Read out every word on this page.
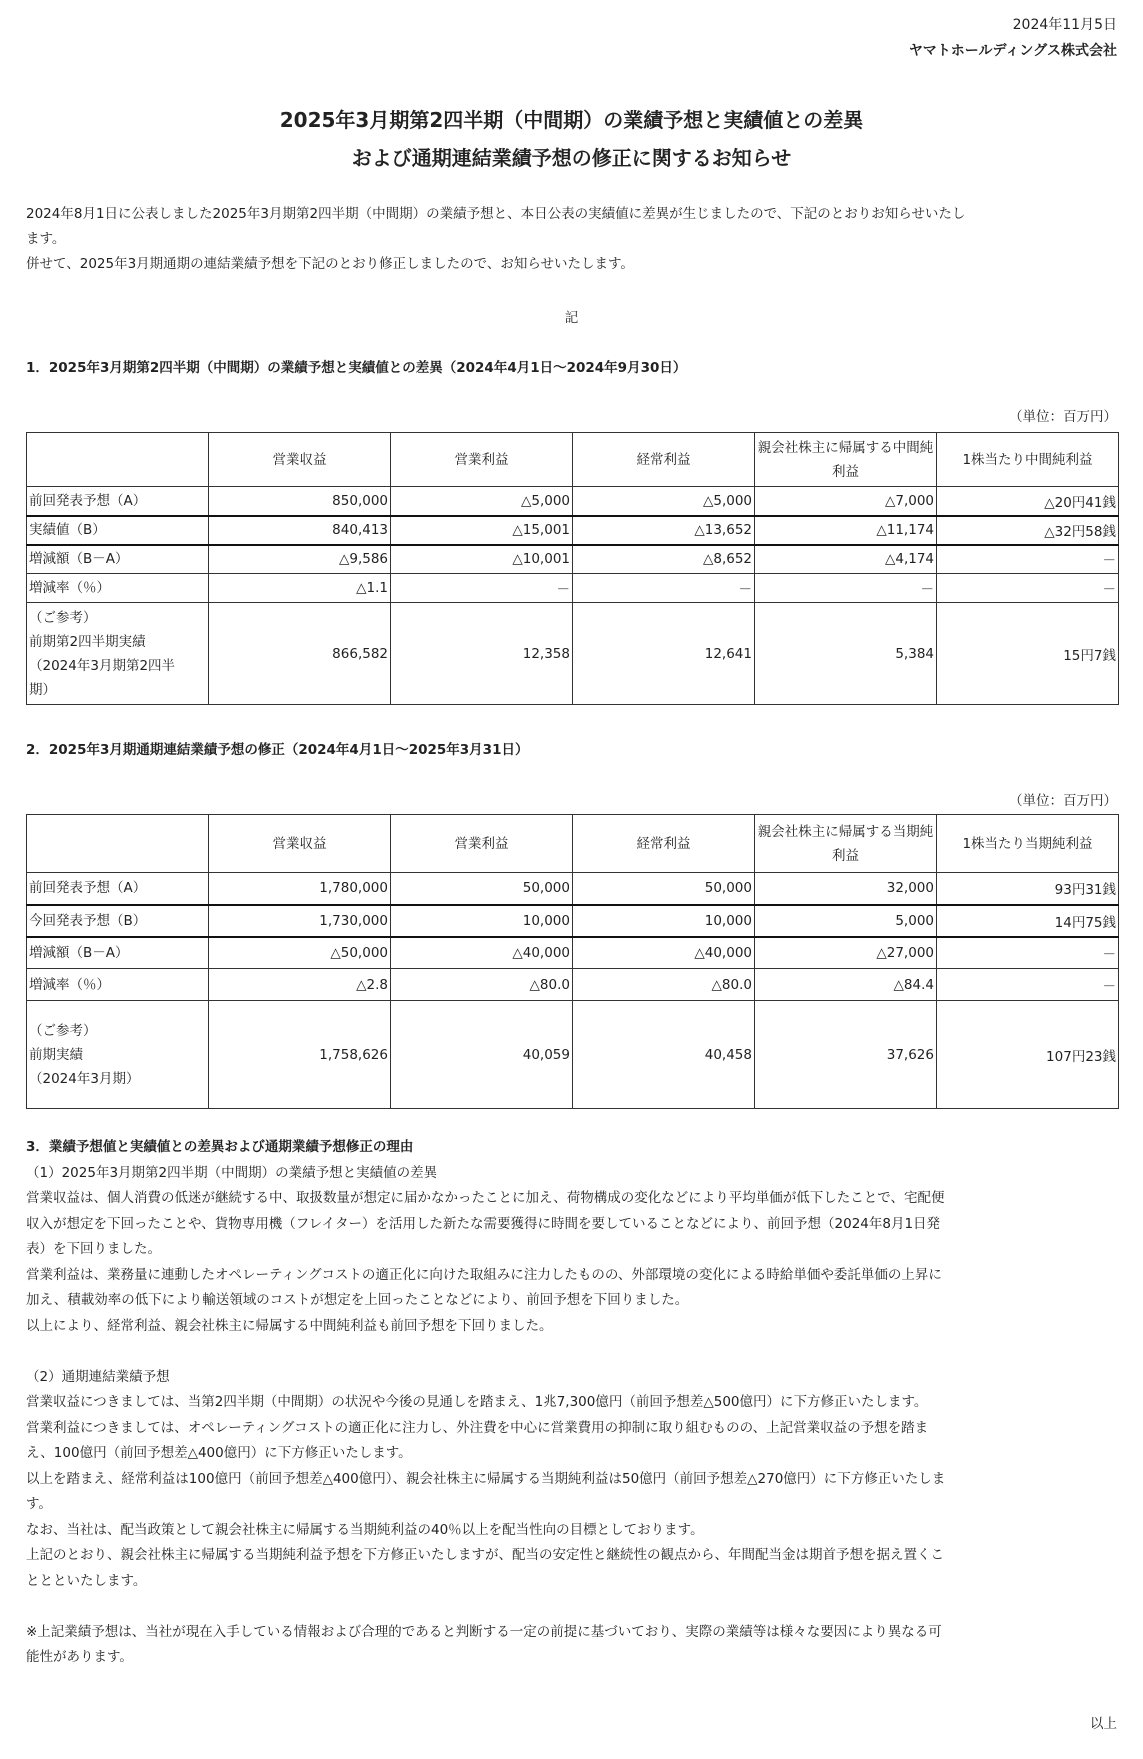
2024年11月5日
ヤマトホールディングス株式会社
2025年3月期第2四半期（中間期）の業績予想と実績値との差異
および通期連結業績予想の修正に関するお知らせ
2024年8月1日に公表しました2025年3月期第2四半期（中間期）の業績予想と、本日公表の実績値に差異が生じましたので、下記のとおりお知らせいたし
ます。
併せて、2025年3月期通期の連結業績予想を下記のとおり修正しましたので、お知らせいたします。
記
1．2025年3月期第2四半期（中間期）の業績予想と実績値との差異（2024年4月1日～2024年9月30日）
（単位：百万円）
	営業収益	営業利益	経常利益	親会社株主に帰属する中間純利益	1株当たり中間純利益

前回発表予想（A）	850,000	△5,000	△5,000	△7,000	△20円41銭

実績値（B）	840,413	△15,001	△13,652	△11,174	△32円58銭

増減額（B－A）	△9,586	△10,001	△8,652	△4,174	－

増減率（％）	△1.1	－	－	－	－

（ご参考）
前期第2四半期実績
（2024年3月期第2四半
期）	866,582	12,358	12,641	5,384	15円7銭
2．2025年3月期通期連結業績予想の修正（2024年4月1日～2025年3月31日）
（単位：百万円）
	営業収益	営業利益	経常利益	親会社株主に帰属する当期純利益	1株当たり当期純利益

前回発表予想（A）	1,780,000	50,000	50,000	32,000	93円31銭

今回発表予想（B）	1,730,000	10,000	10,000	5,000	14円75銭

増減額（B－A）	△50,000	△40,000	△40,000	△27,000	－

増減率（％）	△2.8	△80.0	△80.0	△84.4	－

（ご参考）
前期実績
（2024年3月期）	1,758,626	40,059	40,458	37,626	107円23銭

3．業績予想値と実績値との差異および通期業績予想修正の理由

（1）2025年3月期第2四半期（中間期）の業績予想と実績値の差異

営業収益は、個人消費の低迷が継続する中、取扱数量が想定に届かなかったことに加え、荷物構成の変化などにより平均単価が低下したことで、宅配便

収入が想定を下回ったことや、貨物専用機（フレイター）を活用した新たな需要獲得に時間を要していることなどにより、前回予想（2024年8月1日発

表）を下回りました。

営業利益は、業務量に連動したオペレーティングコストの適正化に向けた取組みに注力したものの、外部環境の変化による時給単価や委託単価の上昇に

加え、積載効率の低下により輸送領域のコストが想定を上回ったことなどにより、前回予想を下回りました。

以上により、経常利益、親会社株主に帰属する中間純利益も前回予想を下回りました。

（2）通期連結業績予想

営業収益につきましては、当第2四半期（中間期）の状況や今後の見通しを踏まえ、1兆7,300億円（前回予想差△500億円）に下方修正いたします。

営業利益につきましては、オペレーティングコストの適正化に注力し、外注費を中心に営業費用の抑制に取り組むものの、上記営業収益の予想を踏ま

え、100億円（前回予想差△400億円）に下方修正いたします。

以上を踏まえ、経常利益は100億円（前回予想差△400億円）、親会社株主に帰属する当期純利益は50億円（前回予想差△270億円）に下方修正いたしま

す。

なお、当社は、配当政策として親会社株主に帰属する当期純利益の40％以上を配当性向の目標としております。

上記のとおり、親会社株主に帰属する当期純利益予想を下方修正いたしますが、配当の安定性と継続性の観点から、年間配当金は期首予想を据え置くこ

ととといたします。

※上記業績予想は、当社が現在入手している情報および合理的であると判断する一定の前提に基づいており、実際の業績等は様々な要因により異なる可

能性があります。

以上
